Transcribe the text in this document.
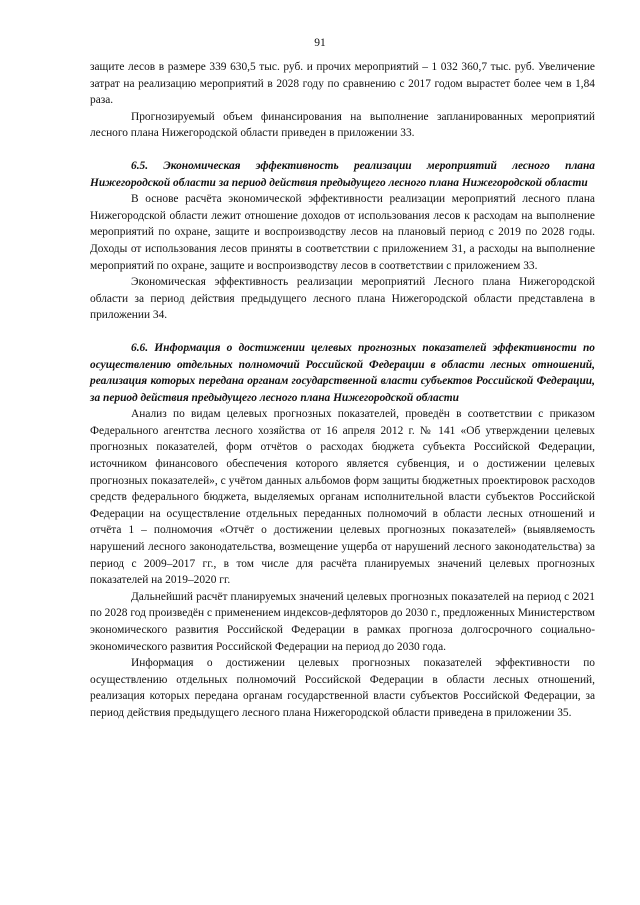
91

защите лесов в размере 339 630,5 тыс. руб. и прочих мероприятий – 1 032 360,7 тыс. руб. Увеличение затрат на реализацию мероприятий в 2028 году по сравнению с 2017 годом вырастет более чем в 1,84 раза.

Прогнозируемый объем финансирования на выполнение запланированных мероприятий лесного плана Нижегородской области приведен в приложении 33.

6.5. Экономическая эффективность реализации мероприятий лесного плана Нижегородской области за период действия предыдущего лесного плана Нижегородской области

В основе расчёта экономической эффективности реализации мероприятий лесного плана Нижегородской области лежит отношение доходов от использования лесов к расходам на выполнение мероприятий по охране, защите и воспроизводству лесов на плановый период с 2019 по 2028 годы. Доходы от использования лесов приняты в соответствии с приложением 31, а расходы на выполнение мероприятий по охране, защите и воспроизводству лесов в соответствии с приложением 33.

Экономическая эффективность реализации мероприятий Лесного плана Нижегородской области за период действия предыдущего лесного плана Нижегородской области представлена в приложении 34.

6.6. Информация о достижении целевых прогнозных показателей эффективности по осуществлению отдельных полномочий Российской Федерации в области лесных отношений, реализация которых передана органам государственной власти субъектов Российской Федерации, за период действия предыдущего лесного плана Нижегородской области

Анализ по видам целевых прогнозных показателей, проведён в соответствии с приказом Федерального агентства лесного хозяйства от 16 апреля 2012 г. № 141 «Об утверждении целевых прогнозных показателей, форм отчётов о расходах бюджета субъекта Российской Федерации, источником финансового обеспечения которого является субвенция, и о достижении целевых прогнозных показателей», с учётом данных альбомов форм защиты бюджетных проектировок расходов средств федерального бюджета, выделяемых органам исполнительной власти субъектов Российской Федерации на осуществление отдельных переданных полномочий в области лесных отношений и отчёта 1 – полномочия «Отчёт о достижении целевых прогнозных показателей» (выявляемость нарушений лесного законодательства, возмещение ущерба от нарушений лесного законодательства) за период с 2009–2017 гг., в том числе для расчёта планируемых значений целевых прогнозных показателей на 2019–2020 гг.

Дальнейший расчёт планируемых значений целевых прогнозных показателей на период с 2021 по 2028 год произведён с применением индексов-дефляторов до 2030 г., предложенных Министерством экономического развития Российской Федерации в рамках прогноза долгосрочного социально-экономического развития Российской Федерации на период до 2030 года.

Информация о достижении целевых прогнозных показателей эффективности по осуществлению отдельных полномочий Российской Федерации в области лесных отношений, реализация которых передана органам государственной власти субъектов Российской Федерации, за период действия предыдущего лесного плана Нижегородской области приведена в приложении 35.
